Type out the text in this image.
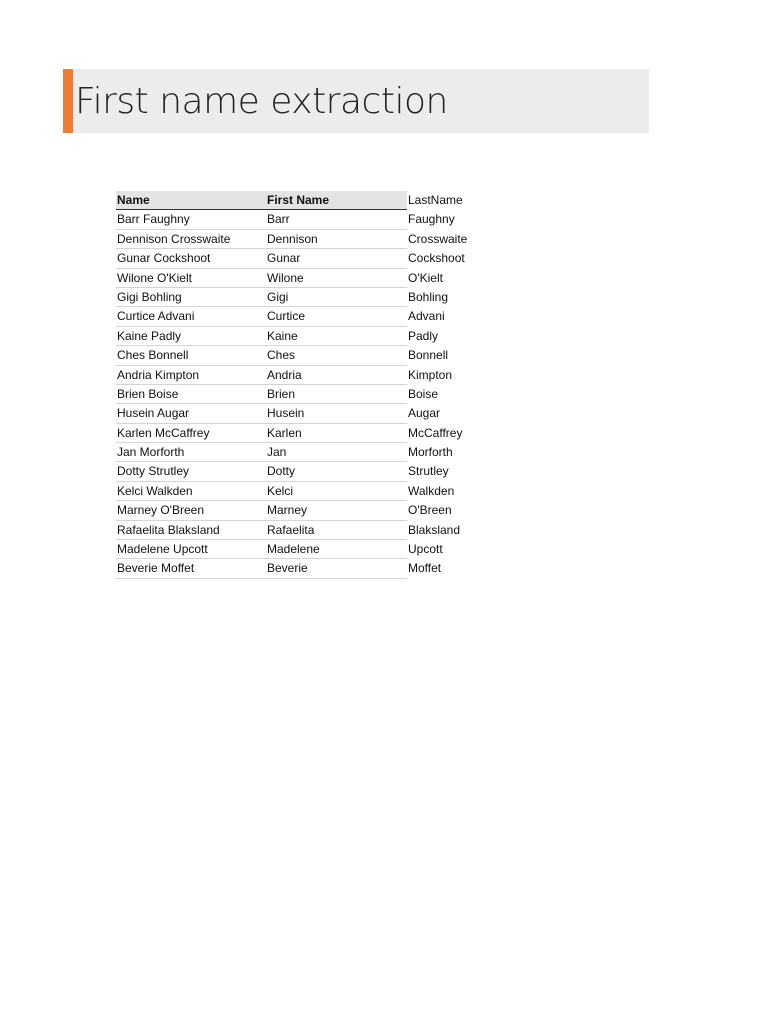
First name extraction
Name	First Name	LastName
Barr Faughny	Barr	Faughny
Dennison Crosswaite	Dennison	Crosswaite
Gunar Cockshoot	Gunar	Cockshoot
Wilone O'Kielt	Wilone	O'Kielt
Gigi Bohling	Gigi	Bohling
Curtice Advani	Curtice	Advani
Kaine Padly	Kaine	Padly
Ches Bonnell	Ches	Bonnell
Andria Kimpton	Andria	Kimpton
Brien Boise	Brien	Boise
Husein Augar	Husein	Augar
Karlen McCaffrey	Karlen	McCaffrey
Jan Morforth	Jan	Morforth
Dotty Strutley	Dotty	Strutley
Kelci Walkden	Kelci	Walkden
Marney O'Breen	Marney	O'Breen
Rafaelita Blaksland	Rafaelita	Blaksland
Madelene Upcott	Madelene	Upcott
Beverie Moffet	Beverie	Moffet
